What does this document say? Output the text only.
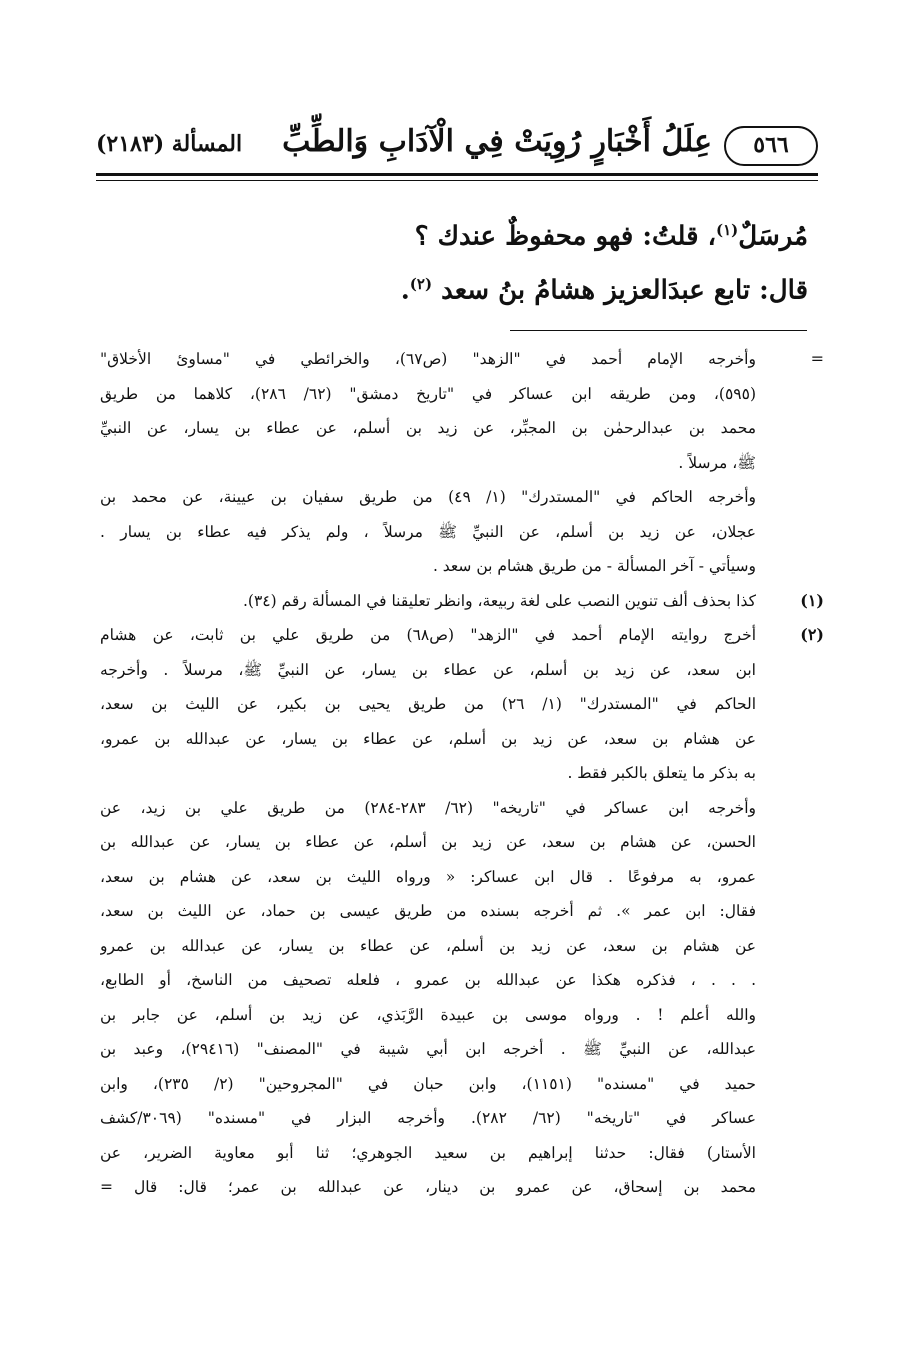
٥٦٦
عِلَلُ أَخْبَارٍ رُوِيَتْ فِي الْآدَابِ وَالطِّبِّ
المسألة (٢١٨٣)
مُرسَلٌ$^{(١)}$، قلتُ: فهو محفوظٌ عندك ؟
قال: تابع عبدَالعزيز هشامُ بنُ سعد $^{(٢)}$.
=
وأخرجه الإمام أحمد في "الزهد" (ص٦٧)، والخرائطي في "مساوئ الأخلاق"
(٥٩٥)، ومن طريقه ابن عساكر في "تاريخ دمشق" (٦٢/ ٢٨٦)، كلاهما من طريق
محمد بن عبدالرحمٰن بن المجبِّر، عن زيد بن أسلم، عن عطاء بن يسار، عن النبيِّ
ﷺ، مرسلاً .
وأخرجه الحاكم في "المستدرك" (١/ ٤٩) من طريق سفيان بن عيينة، عن محمد بن
عجلان، عن زيد بن أسلم، عن النبيِّ ﷺ مرسلاً ، ولم يذكر فيه عطاء بن يسار .
وسيأتي - آخر المسألة - من طريق هشام بن سعد .
(١)
كذا بحذف ألف تنوين النصب على لغة ربيعة، وانظر تعليقنا في المسألة رقم (٣٤).
(٢)
أخرج روايته الإمام أحمد في "الزهد" (ص٦٨) من طريق علي بن ثابت، عن هشام
ابن سعد، عن زيد بن أسلم، عن عطاء بن يسار، عن النبيِّ ﷺ، مرسلاً . وأخرجه
الحاكم في "المستدرك" (١/ ٢٦) من طريق يحيى بن بكير، عن الليث بن سعد،
عن هشام بن سعد، عن زيد بن أسلم، عن عطاء بن يسار، عن عبدالله بن عمرو،
به بذكر ما يتعلق بالكبر فقط .
وأخرجه ابن عساكر في "تاريخه" (٦٢/ ٢٨٣-٢٨٤) من طريق علي بن زيد، عن
الحسن، عن هشام بن سعد، عن زيد بن أسلم، عن عطاء بن يسار، عن عبدالله بن
عمرو، به مرفوعًا . قال ابن عساكر: « ورواه الليث بن سعد، عن هشام بن سعد،
فقال: ابن عمر ». ثم أخرجه بسنده من طريق عيسى بن حماد، عن الليث بن سعد،
عن هشام بن سعد، عن زيد بن أسلم، عن عطاء بن يسار، عن عبدالله بن عمرو
. . . ، فذكره هكذا عن عبدالله بن عمرو ، فلعله تصحيف من الناسخ، أو الطابع،
والله أعلم ! . ورواه موسى بن عبيدة الرَّبَذي، عن زيد بن أسلم، عن جابر بن
عبدالله، عن النبيِّ ﷺ . أخرجه ابن أبي شيبة في "المصنف" (٢٩٤١٦)، وعبد بن
حميد في "مسنده" (١١٥١)، وابن حبان في "المجروحين" (٢/ ٢٣٥)، وابن
عساكر في "تاريخه" (٦٢/ ٢٨٢). وأخرجه البزار في "مسنده" (٣٠٦٩/كشف
الأستار) فقال: حدثنا إبراهيم بن سعيد الجوهري؛ ثنا أبو معاوية الضرير، عن
محمد بن إسحاق، عن عمرو بن دينار، عن عبدالله بن عمر؛ قال: قال =
